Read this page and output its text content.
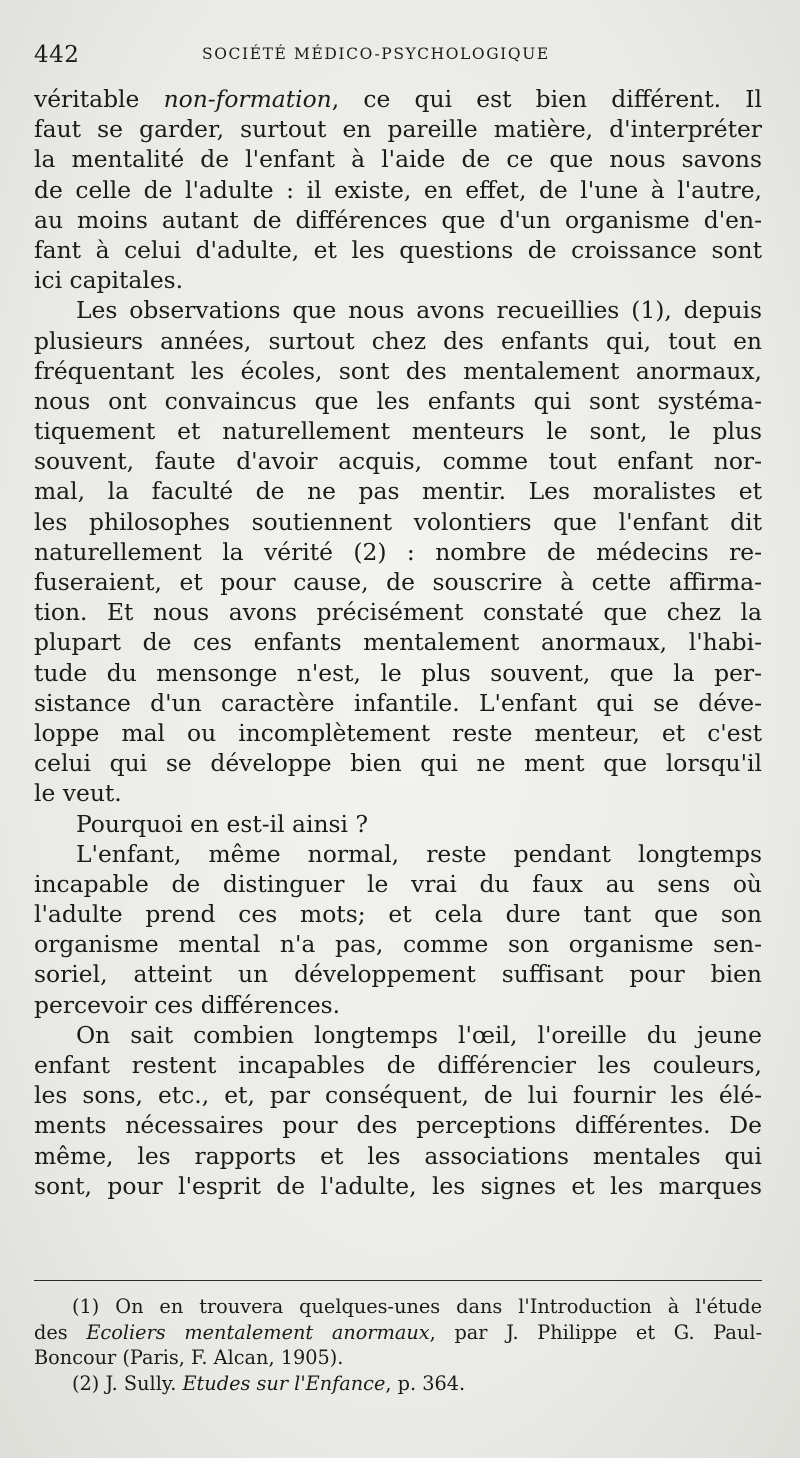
442	SOCIÉTÉ MÉDICO-PSYCHOLOGIQUE
véritable non-formation, ce qui est bien différent. Il
faut se garder, surtout en pareille matière, d'interpréter
la mentalité de l'enfant à l'aide de ce que nous savons
de celle de l'adulte : il existe, en effet, de l'une à l'autre,
au moins autant de différences que d'un organisme d'en-
fant à celui d'adulte, et les questions de croissance sont
ici capitales.
Les observations que nous avons recueillies (1), depuis
plusieurs années, surtout chez des enfants qui, tout en
fréquentant les écoles, sont des mentalement anormaux,
nous ont convaincus que les enfants qui sont systéma-
tiquement et naturellement menteurs le sont, le plus
souvent, faute d'avoir acquis, comme tout enfant nor-
mal, la faculté de ne pas mentir. Les moralistes et
les philosophes soutiennent volontiers que l'enfant dit
naturellement la vérité (2) : nombre de médecins re-
fuseraient, et pour cause, de souscrire à cette affirma-
tion. Et nous avons précisément constaté que chez la
plupart de ces enfants mentalement anormaux, l'habi-
tude du mensonge n'est, le plus souvent, que la per-
sistance d'un caractère infantile. L'enfant qui se déve-
loppe mal ou incomplètement reste menteur, et c'est
celui qui se développe bien qui ne ment que lorsqu'il
le veut.
Pourquoi en est-il ainsi ?
L'enfant, même normal, reste pendant longtemps
incapable de distinguer le vrai du faux au sens où
l'adulte prend ces mots; et cela dure tant que son
organisme mental n'a pas, comme son organisme sen-
soriel, atteint un développement suffisant pour bien
percevoir ces différences.
On sait combien longtemps l'œil, l'oreille du jeune
enfant restent incapables de différencier les couleurs,
les sons, etc., et, par conséquent, de lui fournir les élé-
ments nécessaires pour des perceptions différentes. De
même, les rapports et les associations mentales qui
sont, pour l'esprit de l'adulte, les signes et les marques
(1) On en trouvera quelques-unes dans l'Introduction à l'étude
des Ecoliers mentalement anormaux, par J. Philippe et G. Paul-
Boncour (Paris, F. Alcan, 1905).
(2) J. Sully. Etudes sur l'Enfance, p. 364.
